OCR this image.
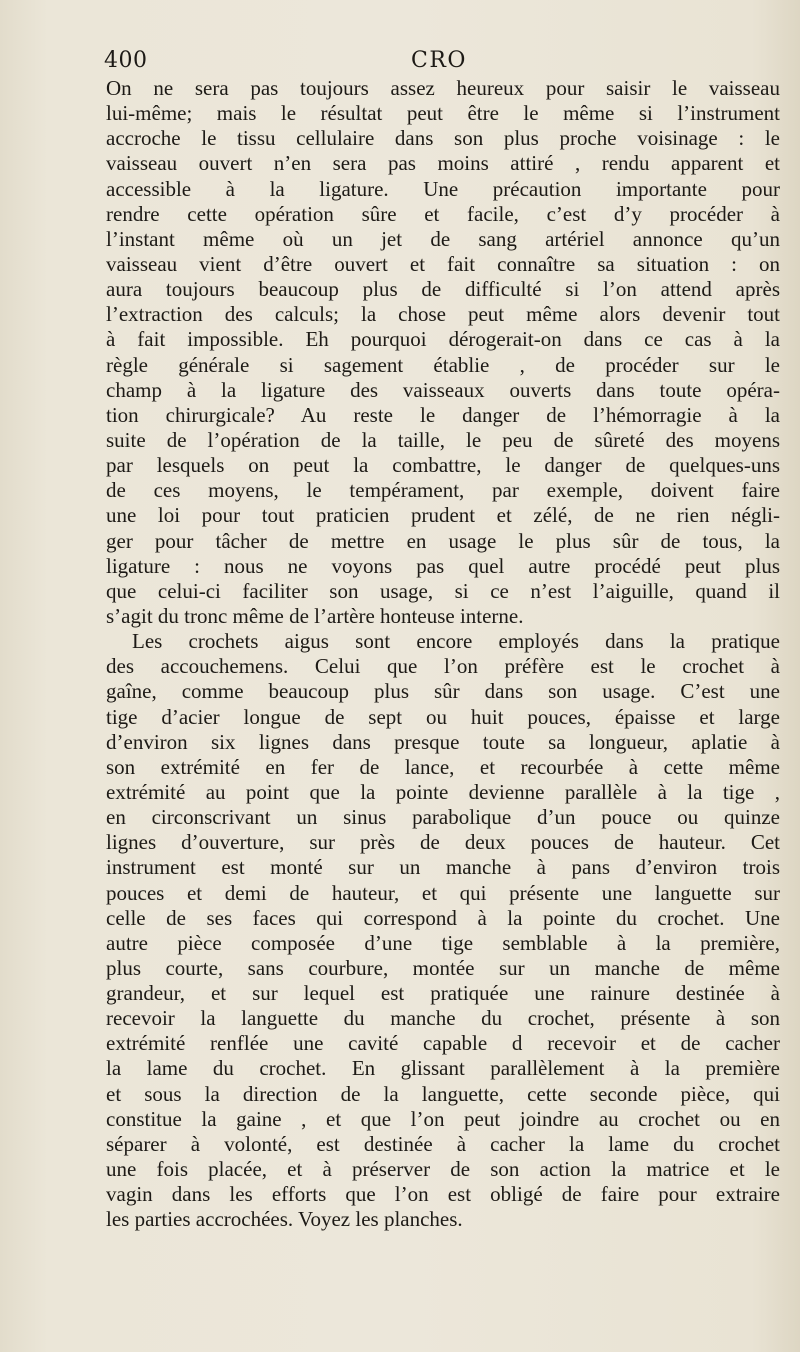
400	CRO
On ne sera pas toujours assez heureux pour saisir le vaisseau
lui-même; mais le résultat peut être le même si l’instrument
accroche le tissu cellulaire dans son plus proche voisinage : le
vaisseau ouvert n’en sera pas moins attiré , rendu apparent et
accessible à la ligature. Une précaution importante pour
rendre cette opération sûre et facile, c’est d’y procéder à
l’instant même où un jet de sang artériel annonce qu’un
vaisseau vient d’être ouvert et fait connaître sa situation : on
aura toujours beaucoup plus de difficulté si l’on attend après
l’extraction des calculs; la chose peut même alors devenir tout
à fait impossible. Eh pourquoi dérogerait-on dans ce cas à la
règle générale si sagement établie , de procéder sur le
champ à la ligature des vaisseaux ouverts dans toute opéra-
tion chirurgicale? Au reste le danger de l’hémorragie à la
suite de l’opération de la taille, le peu de sûreté des moyens
par lesquels on peut la combattre, le danger de quelques-uns
de ces moyens, le tempérament, par exemple, doivent faire
une loi pour tout praticien prudent et zélé, de ne rien négli-
ger pour tâcher de mettre en usage le plus sûr de tous, la
ligature : nous ne voyons pas quel autre procédé peut plus
que celui-ci faciliter son usage, si ce n’est l’aiguille, quand il
s’agit du tronc même de l’artère honteuse interne.
Les crochets aigus sont encore employés dans la pratique
des accouchemens. Celui que l’on préfère est le crochet à
gaîne, comme beaucoup plus sûr dans son usage. C’est une
tige d’acier longue de sept ou huit pouces, épaisse et large
d’environ six lignes dans presque toute sa longueur, aplatie à
son extrémité en fer de lance, et recourbée à cette même
extrémité au point que la pointe devienne parallèle à la tige ,
en circonscrivant un sinus parabolique d’un pouce ou quinze
lignes d’ouverture, sur près de deux pouces de hauteur. Cet
instrument est monté sur un manche à pans d’environ trois
pouces et demi de hauteur, et qui présente une languette sur
celle de ses faces qui correspond à la pointe du crochet. Une
autre pièce composée d’une tige semblable à la première,
plus courte, sans courbure, montée sur un manche de même
grandeur, et sur lequel est pratiquée une rainure destinée à
recevoir la languette du manche du crochet, présente à son
extrémité renflée une cavité capable d recevoir et de cacher
la lame du crochet. En glissant parallèlement à la première
et sous la direction de la languette, cette seconde pièce, qui
constitue la gaine , et que l’on peut joindre au crochet ou en
séparer à volonté, est destinée à cacher la lame du crochet
une fois placée, et à préserver de son action la matrice et le
vagin dans les efforts que l’on est obligé de faire pour extraire
les parties accrochées. Voyez les planches.
